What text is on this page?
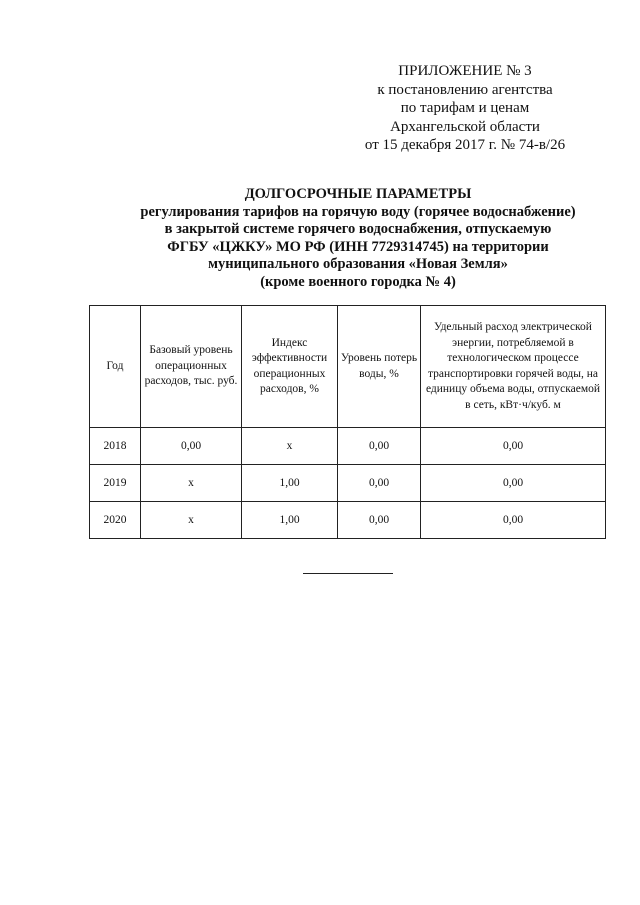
ПРИЛОЖЕНИЕ № 3
к постановлению агентства
по тарифам и ценам
Архангельской области
от 15 декабря 2017 г. № 74-в/26
ДОЛГОСРОЧНЫЕ ПАРАМЕТРЫ
регулирования тарифов на горячую воду (горячее водоснабжение)
в закрытой системе горячего водоснабжения, отпускаемую
ФГБУ «ЦЖКУ» МО РФ (ИНН 7729314745) на территории
муниципального образования «Новая Земля»
(кроме военного городка № 4)
Год	Базовый уровень операционных расходов, тыс. руб.	Индекс эффективности операционных расходов, %	Уровень потерь воды, %	Удельный расход электрической энергии, потребляемой в технологическом процессе транспортировки горячей воды, на единицу объема воды, отпускаемой в сеть, кВт·ч/куб. м
2018	0,00	х	0,00	0,00
2019	х	1,00	0,00	0,00
2020	х	1,00	0,00	0,00
